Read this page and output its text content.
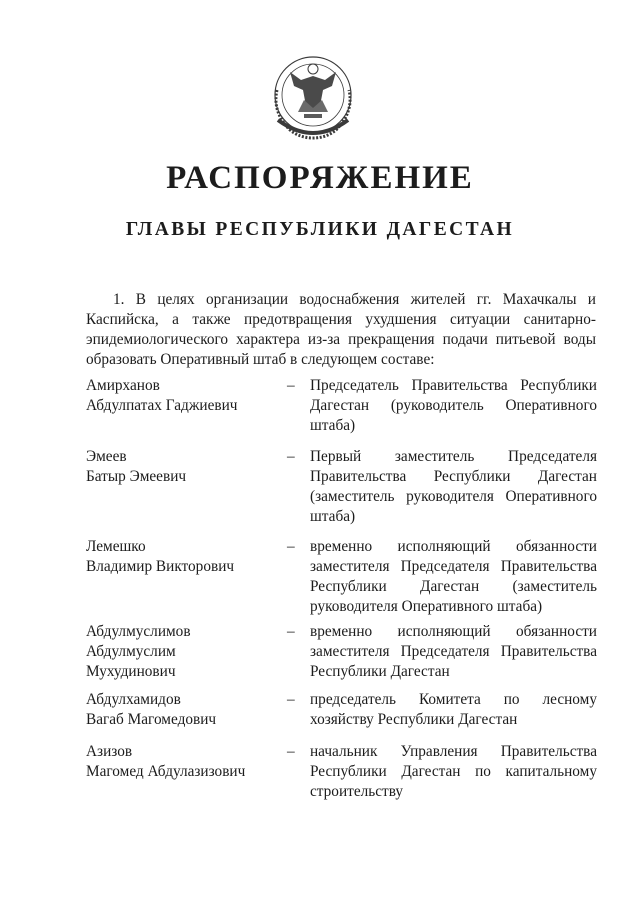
РАСПОРЯЖЕНИЕ
ГЛАВЫ РЕСПУБЛИКИ ДАГЕСТАН

1. В целях организации водоснабжения жителей гг. Махачкалы и Каспийска, а также предотвращения ухудшения ситуации санитарно-эпидемиологического характера из-за прекращения подачи питьевой воды образовать Оперативный штаб в следующем составе:

Амирханов
Абдулпатах Гаджиевич
– Председатель Правительства Республики Дагестан (руководитель Оперативного штаба)
Эмеев
Батыр Эмеевич
– Первый заместитель Председателя Правительства Республики Дагестан (заместитель руководителя Оперативного штаба)
Лемешко
Владимир Викторович
– временно исполняющий обязанности заместителя Председателя Правительства Республики Дагестан (заместитель руководителя Оперативного штаба)
Абдулмуслимов
Абдулмуслим Мухудинович
– временно исполняющий обязанности заместителя Председателя Правительства Республики Дагестан
Абдулхамидов
Вагаб Магомедович
– председатель Комитета по лесному хозяйству Республики Дагестан
Азизов
Магомед Абдулазизович
– начальник Управления Правительства Республики Дагестан по капитальному строительству
